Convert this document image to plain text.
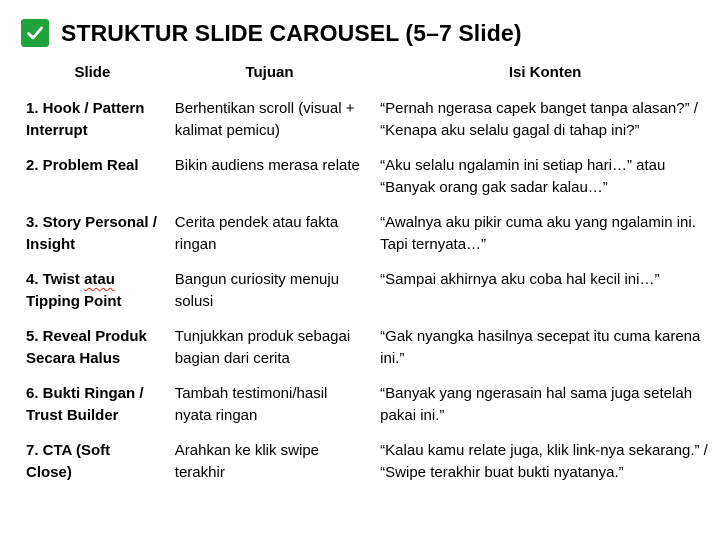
STRUKTUR SLIDE CAROUSEL (5–7 Slide)
Slide	Tujuan	Isi Konten
1. Hook / Pattern Interrupt	Berhentikan scroll (visual + kalimat pemicu)	“Pernah ngerasa capek banget tanpa alasan?” / “Kenapa aku selalu gagal di tahap ini?”
2. Problem Real	Bikin audiens merasa relate	“Aku selalu ngalamin ini setiap hari…” atau “Banyak orang gak sadar kalau…”
3. Story Personal / Insight	Cerita pendek atau fakta ringan	“Awalnya aku pikir cuma aku yang ngalamin ini. Tapi ternyata…”
4. Twist atau Tipping Point	Bangun curiosity menuju solusi	“Sampai akhirnya aku coba hal kecil ini…”
5. Reveal Produk Secara Halus	Tunjukkan produk sebagai bagian dari cerita	“Gak nyangka hasilnya secepat itu cuma karena ini.”
6. Bukti Ringan / Trust Builder	Tambah testimoni/hasil nyata ringan	“Banyak yang ngerasain hal sama juga setelah pakai ini.”
7. CTA (Soft Close)	Arahkan ke klik swipe terakhir	“Kalau kamu relate juga, klik link-nya sekarang.” / “Swipe terakhir buat bukti nyatanya.”
